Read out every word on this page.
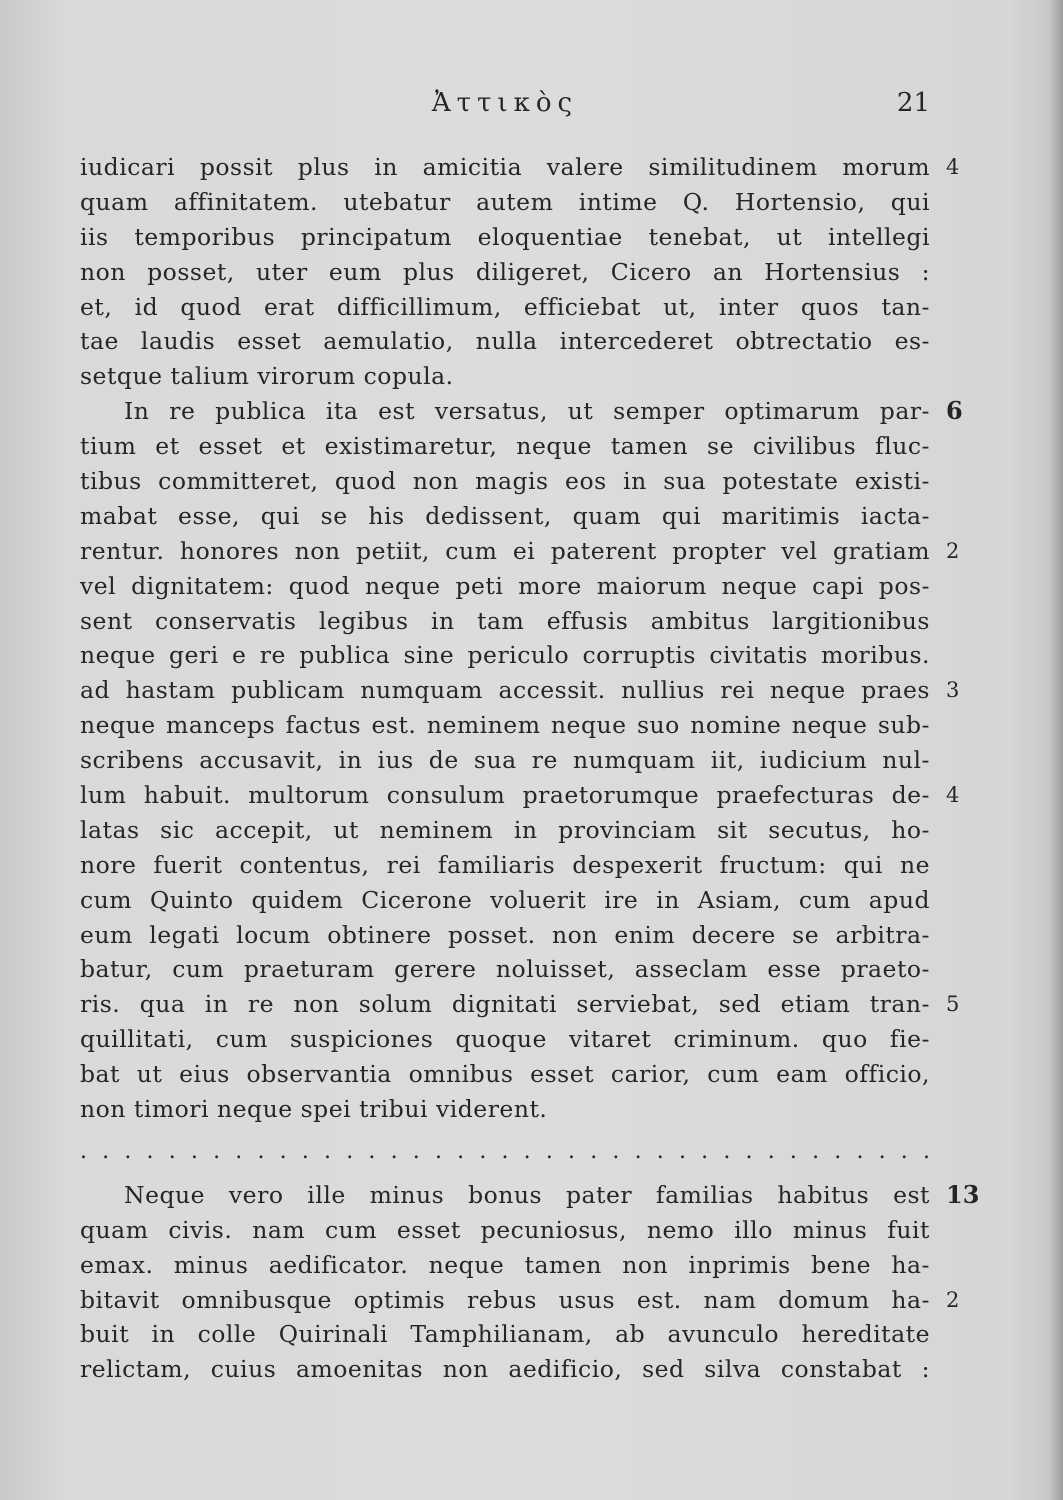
Ἀττικὸς	21
iudicari possit plus in amicitia valere similitudinem morum 4
quam affinitatem. utebatur autem intime Q. Hortensio, qui
iis temporibus principatum eloquentiae tenebat, ut intellegi
non posset, uter eum plus diligeret, Cicero an Hortensius :
et, id quod erat difficillimum, efficiebat ut, inter quos tan-
tae laudis esset aemulatio, nulla intercederet obtrectatio es-
setque talium virorum copula.
In re publica ita est versatus, ut semper optimarum par- 6
tium et esset et existimaretur, neque tamen se civilibus fluc-
tibus committeret, quod non magis eos in sua potestate existi-
mabat esse, qui se his dedissent, quam qui maritimis iacta-
rentur. honores non petiit, cum ei paterent propter vel gratiam 2
vel dignitatem: quod neque peti more maiorum neque capi pos-
sent conservatis legibus in tam effusis ambitus largitionibus
neque geri e re publica sine periculo corruptis civitatis moribus.
ad hastam publicam numquam accessit. nullius rei neque praes 3
neque manceps factus est. neminem neque suo nomine neque sub-
scribens accusavit, in ius de sua re numquam iit, iudicium nul-
lum habuit. multorum consulum praetorumque praefecturas de- 4
latas sic accepit, ut neminem in provinciam sit secutus, ho-
nore fuerit contentus, rei familiaris despexerit fructum: qui ne
cum Quinto quidem Cicerone voluerit ire in Asiam, cum apud
eum legati locum obtinere posset. non enim decere se arbitra-
batur, cum praeturam gerere noluisset, asseclam esse praeto-
ris. qua in re non solum dignitati serviebat, sed etiam tran- 5
quillitati, cum suspiciones quoque vitaret criminum. quo fie-
bat ut eius observantia omnibus esset carior, cum eam officio,
non timori neque spei tribui viderent.
. . . . . . . . . . . . . . . . . . . . . . . . . . . . . . . . . . . . . . .
Neque vero ille minus bonus pater familias habitus est 13
quam civis. nam cum esset pecuniosus, nemo illo minus fuit
emax. minus aedificator. neque tamen non inprimis bene ha-
bitavit omnibusque optimis rebus usus est. nam domum ha- 2
buit in colle Quirinali Tamphilianam, ab avunculo hereditate
relictam, cuius amoenitas non aedificio, sed silva constabat :
